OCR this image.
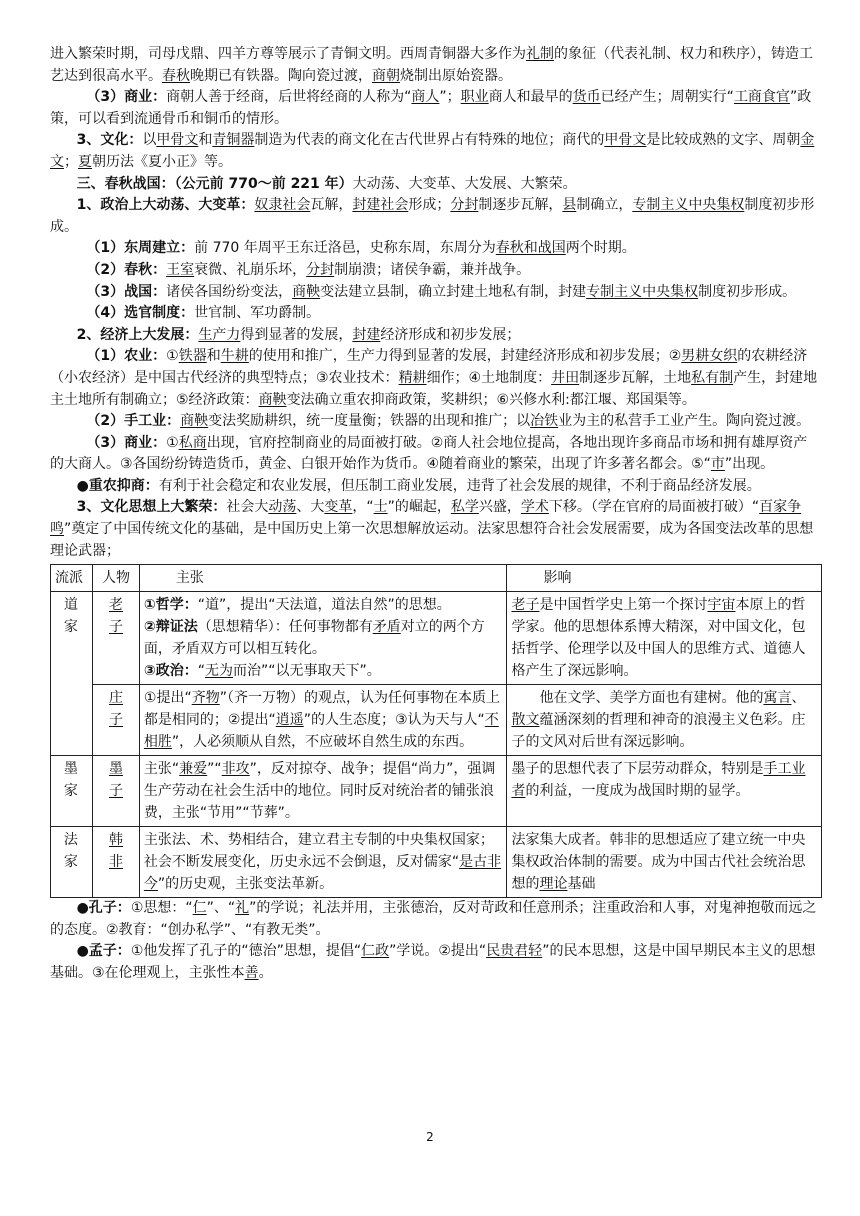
进入繁荣时期，司母戊鼎、四羊方尊等展示了青铜文明。西周青铜器大多作为礼制的象征（代表礼制、权力和秩序），铸造工艺达到很高水平。春秋晚期已有铁器。陶向瓷过渡，商朝烧制出原始瓷器。

（3）商业：商朝人善于经商，后世将经商的人称为“商人”；职业商人和最早的货币已经产生；周朝实行“工商食官”政策，可以看到流通骨币和铜币的情形。

3、文化：以甲骨文和青铜器制造为代表的商文化在古代世界占有特殊的地位；商代的甲骨文是比较成熟的文字、周朝金文；夏朝历法《夏小正》等。

三、春秋战国：（公元前 770～前 221 年）大动荡、大变革、大发展、大繁荣。

1、政治上大动荡、大变革：奴隶社会瓦解，封建社会形成；分封制逐步瓦解，县制确立，专制主义中央集权制度初步形成。

（1）东周建立：前 770 年周平王东迁洛邑，史称东周，东周分为春秋和战国两个时期。

（2）春秋：王室衰微、礼崩乐坏，分封制崩溃；诸侯争霸，兼并战争。

（3）战国：诸侯各国纷纷变法，商鞅变法建立县制，确立封建土地私有制，封建专制主义中央集权制度初步形成。

（4）选官制度：世官制、军功爵制。

2、经济上大发展：生产力得到显著的发展，封建经济形成和初步发展；

（1）农业：①铁器和牛耕的使用和推广，生产力得到显著的发展，封建经济形成和初步发展；②男耕女织的农耕经济（小农经济）是中国古代经济的典型特点；③农业技术：精耕细作；④土地制度：井田制逐步瓦解，土地私有制产生，封建地主土地所有制确立；⑤经济政策：商鞅变法确立重农抑商政策，奖耕织；⑥兴修水利:都江堰、郑国渠等。

（2）手工业：商鞅变法奖励耕织，统一度量衡；铁器的出现和推广；以冶铁业为主的私营手工业产生。陶向瓷过渡。

（3）商业：①私商出现，官府控制商业的局面被打破。②商人社会地位提高，各地出现许多商品市场和拥有雄厚资产的大商人。③各国纷纷铸造货币，黄金、白银开始作为货币。④随着商业的繁荣，出现了许多著名都会。⑤“市”出现。

●重农抑商：有利于社会稳定和农业发展，但压制工商业发展，违背了社会发展的规律，不利于商品经济发展。

3、文化思想上大繁荣：社会大动荡、大变革，“士”的崛起，私学兴盛，学术下移。（学在官府的局面被打破）“百家争鸣”奠定了中国传统文化的基础，是中国历史上第一次思想解放运动。法家思想符合社会发展需要，成为各国变法改革的思想理论武器；

流派	人物	主张	影响

道家	老子	①哲学：“道”，提出“天法道，道法自然”的思想。
②辩证法（思想精华）：任何事物都有矛盾对立的两个方面，矛盾双方可以相互转化。
③政治：“无为而治”“以无事取天下”。	老子是中国哲学史上第一个探讨宇宙本原上的哲学家。他的思想体系博大精深，对中国文化，包括哲学、伦理学以及中国人的思维方式、道德人格产生了深远影响。

	庄子	①提出“齐物”（齐一万物）的观点，认为任何事物在本质上都是相同的；②提出“逍遥”的人生态度；③认为天与人“不相胜”，人必须顺从自然，不应破坏自然生成的东西。	　　他在文学、美学方面也有建树。他的寓言、散文蕴涵深刻的哲理和神奇的浪漫主义色彩。庄子的文风对后世有深远影响。

墨家	墨子	主张“兼爱”“非攻”，反对掠夺、战争；提倡“尚力”，强调生产劳动在社会生活中的地位。同时反对统治者的铺张浪费，主张“节用”“节葬”。	墨子的思想代表了下层劳动群众，特别是手工业者的利益，一度成为战国时期的显学。

法家	韩非	主张法、术、势相结合，建立君主专制的中央集权国家；社会不断发展变化，历史永远不会倒退，反对儒家“是古非今”的历史观，主张变法革新。	法家集大成者。韩非的思想适应了建立统一中央集权政治体制的需要。成为中国古代社会统治思想的理论基础

●孔子：①思想：“仁”、“礼”的学说；礼法并用，主张德治，反对苛政和任意刑杀；注重政治和人事，对鬼神抱敬而远之的态度。②教育：“创办私学”、“有教无类”。

●孟子：①他发挥了孔子的“德治”思想，提倡“仁政”学说。②提出“民贵君轻”的民本思想，这是中国早期民本主义的思想基础。③在伦理观上，主张性本善。

2
